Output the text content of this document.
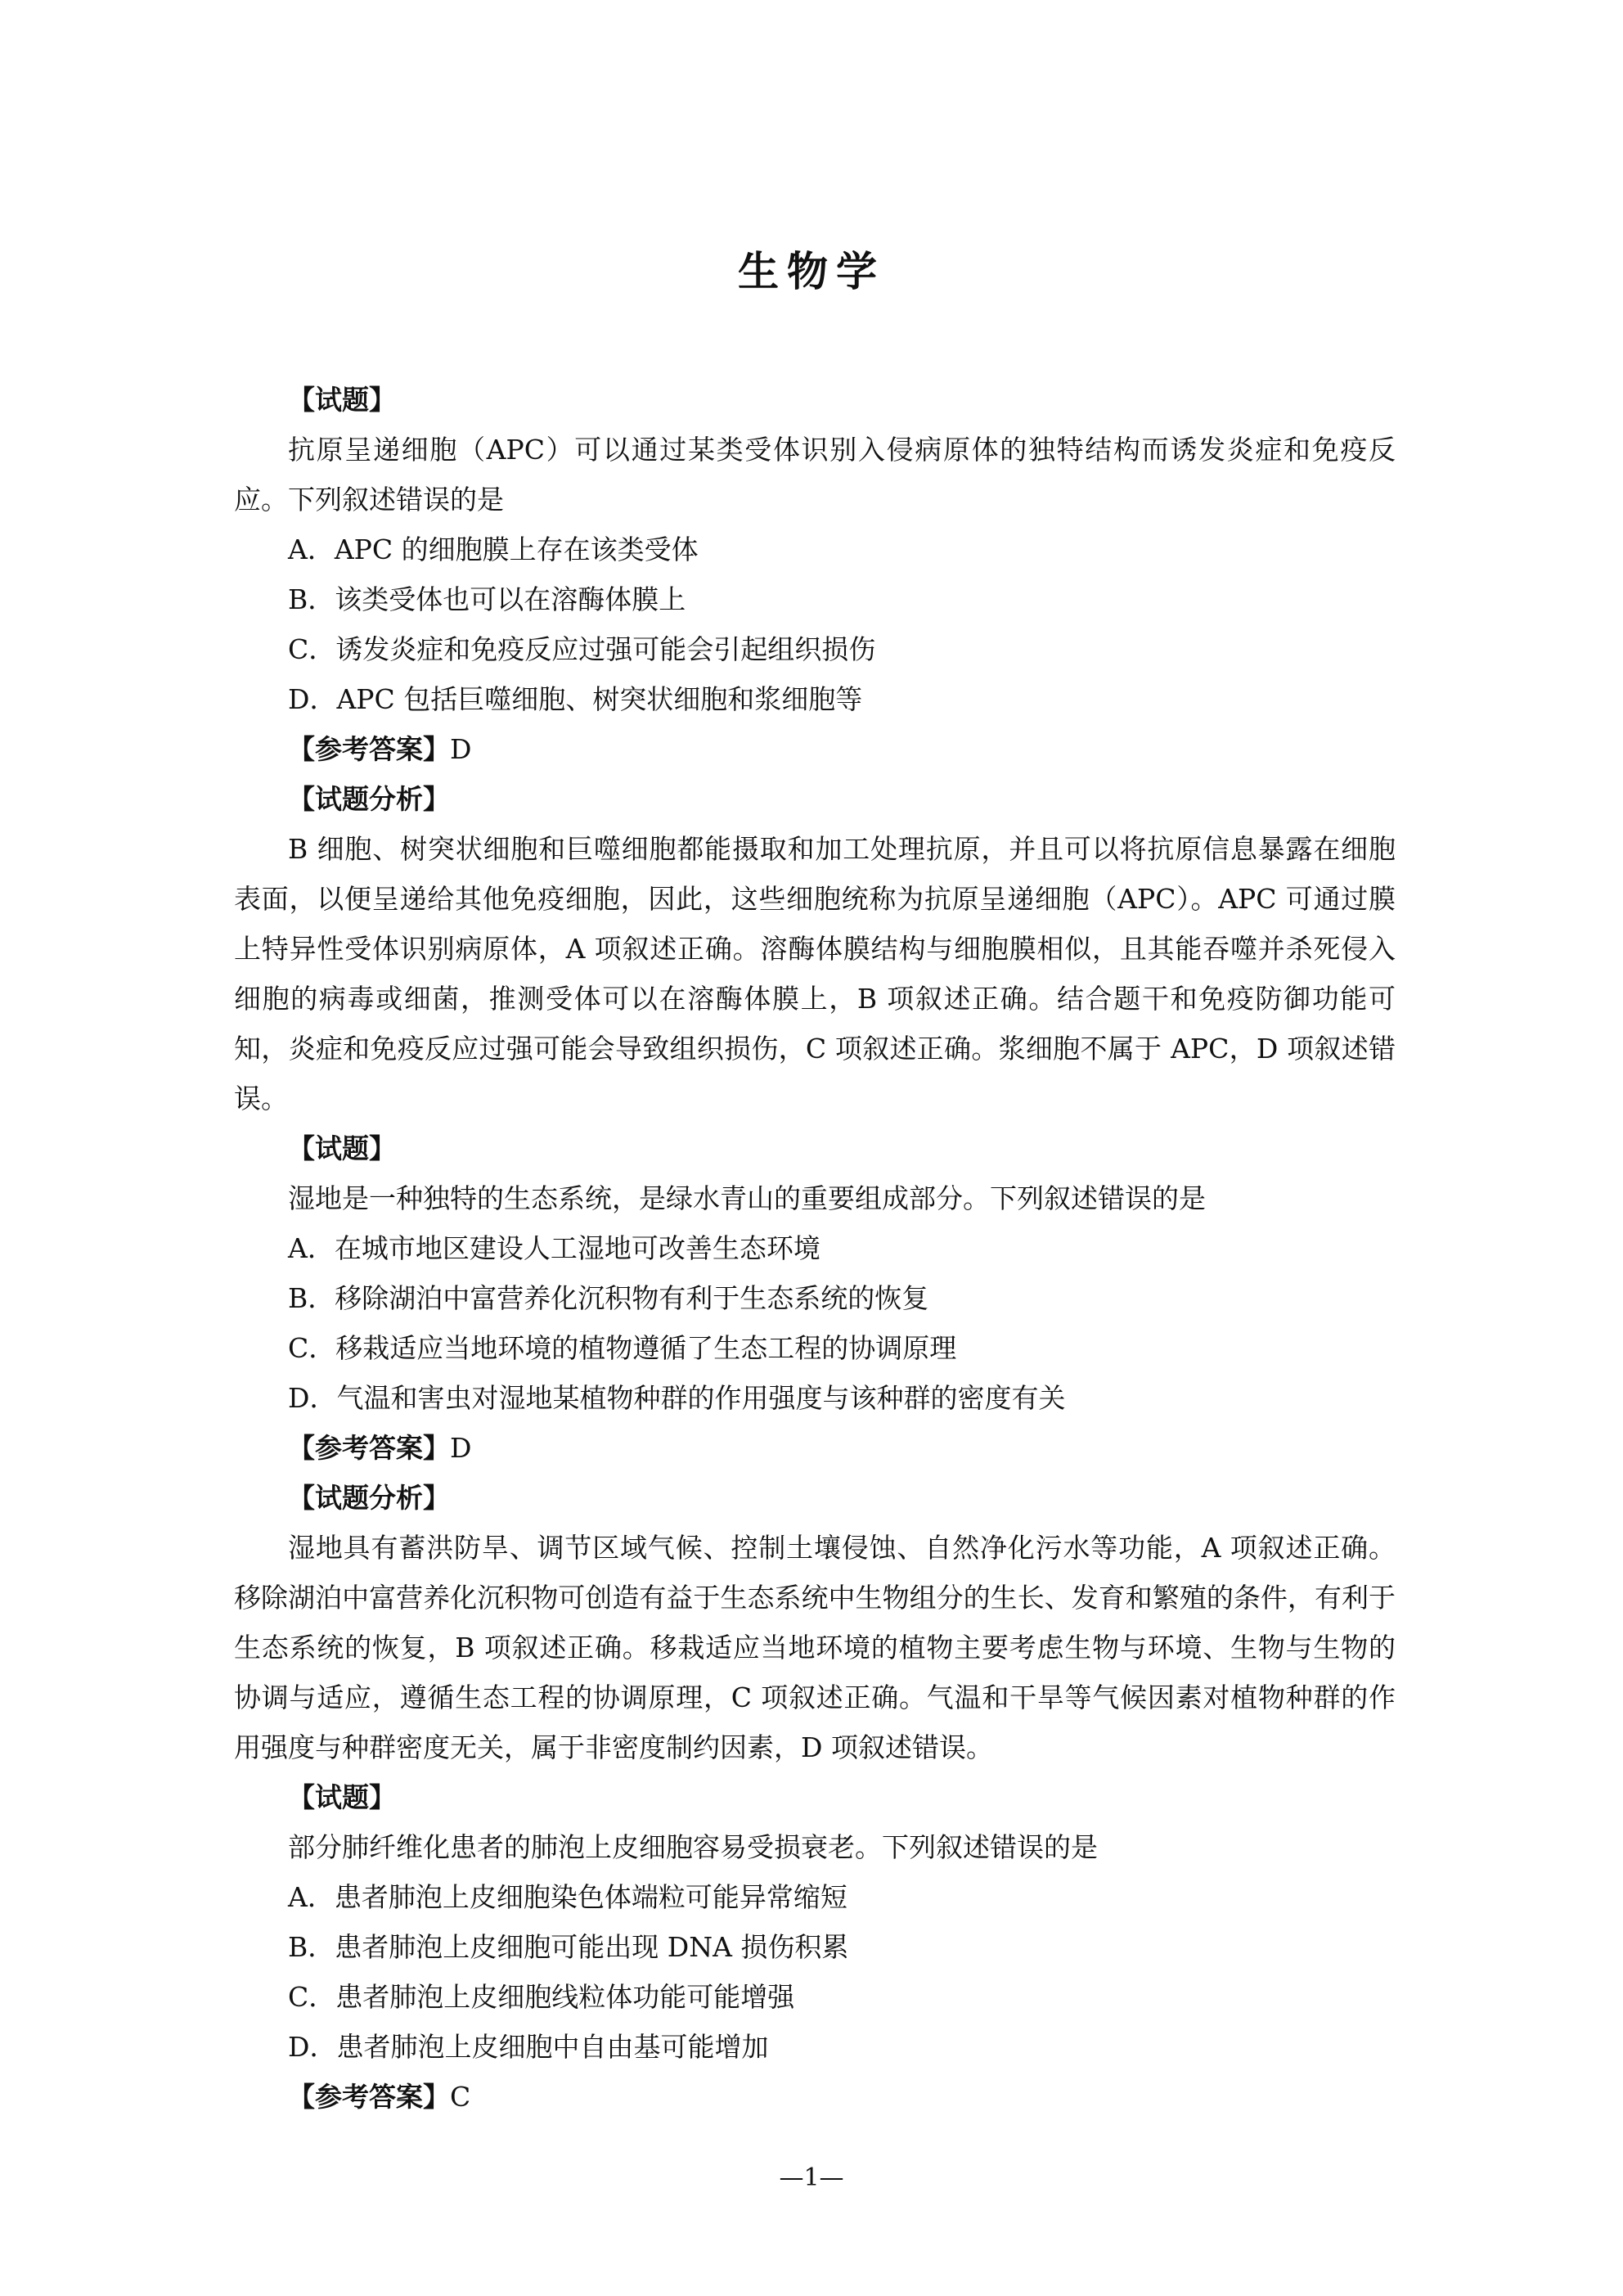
生物学
【试题】
抗原呈递细胞（APC）可以通过某类受体识别入侵病原体的独特结构而诱发炎症和免疫反应。下列叙述错误的是
A．APC 的细胞膜上存在该类受体
B．该类受体也可以在溶酶体膜上
C．诱发炎症和免疫反应过强可能会引起组织损伤
D．APC 包括巨噬细胞、树突状细胞和浆细胞等
【参考答案】D
【试题分析】
B 细胞、树突状细胞和巨噬细胞都能摄取和加工处理抗原，并且可以将抗原信息暴露在细胞表面，以便呈递给其他免疫细胞，因此，这些细胞统称为抗原呈递细胞（APC）。APC 可通过膜上特异性受体识别病原体，A 项叙述正确。溶酶体膜结构与细胞膜相似，且其能吞噬并杀死侵入细胞的病毒或细菌，推测受体可以在溶酶体膜上，B 项叙述正确。结合题干和免疫防御功能可知，炎症和免疫反应过强可能会导致组织损伤，C 项叙述正确。浆细胞不属于 APC，D 项叙述错误。
【试题】
湿地是一种独特的生态系统，是绿水青山的重要组成部分。下列叙述错误的是
A．在城市地区建设人工湿地可改善生态环境
B．移除湖泊中富营养化沉积物有利于生态系统的恢复
C．移栽适应当地环境的植物遵循了生态工程的协调原理
D．气温和害虫对湿地某植物种群的作用强度与该种群的密度有关
【参考答案】D
【试题分析】
湿地具有蓄洪防旱、调节区域气候、控制土壤侵蚀、自然净化污水等功能，A 项叙述正确。移除湖泊中富营养化沉积物可创造有益于生态系统中生物组分的生长、发育和繁殖的条件，有利于生态系统的恢复，B 项叙述正确。移栽适应当地环境的植物主要考虑生物与环境、生物与生物的协调与适应，遵循生态工程的协调原理，C 项叙述正确。气温和干旱等气候因素对植物种群的作用强度与种群密度无关，属于非密度制约因素，D 项叙述错误。
【试题】
部分肺纤维化患者的肺泡上皮细胞容易受损衰老。下列叙述错误的是
A．患者肺泡上皮细胞染色体端粒可能异常缩短
B．患者肺泡上皮细胞可能出现 DNA 损伤积累
C．患者肺泡上皮细胞线粒体功能可能增强
D．患者肺泡上皮细胞中自由基可能增加
【参考答案】C
—1—
